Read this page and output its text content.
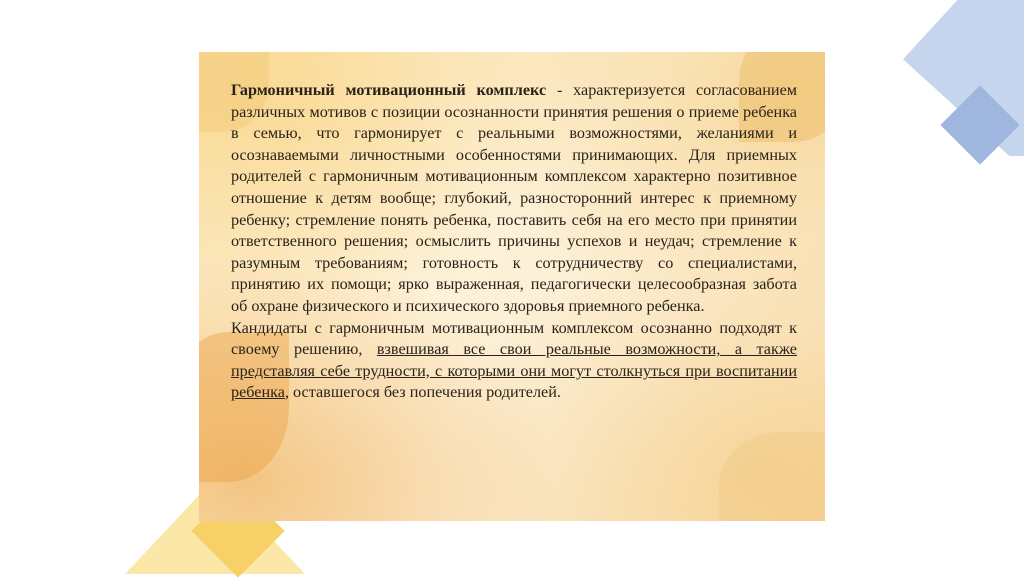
Гармоничный мотивационный комплекс - характеризуется согласованием различных мотивов с позиции осознанности принятия решения о приеме ребенка в семью, что гармонирует с реальными возможностями, желаниями и осознаваемыми личностными особенностями принимающих. Для приемных родителей с гармоничным мотивационным комплексом характерно позитивное отношение к детям вообще; глубокий, разносторонний интерес к приемному ребенку; стремление понять ребенка, поставить себя на его место при принятии ответственного решения; осмыслить причины успехов и неудач; стремление к разумным требованиям; готовность к сотрудничеству со специалистами, принятию их помощи; ярко выраженная, педагогически целесообразная забота об охране физического и психического здоровья приемного ребенка.

Кандидаты с гармоничным мотивационным комплексом осознанно подходят к своему решению, взвешивая все свои реальные возможности, а также представляя себе трудности, с которыми они могут столкнуться при воспитании ребенка, оставшегося без попечения родителей.
